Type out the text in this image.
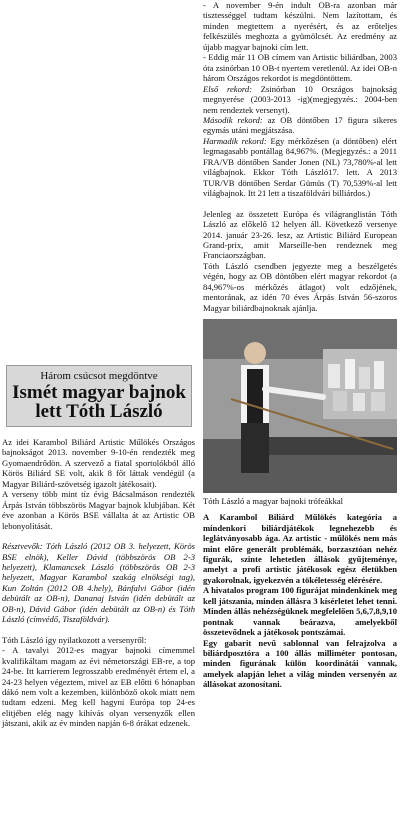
Három csúcsot megdöntve
Ismét magyar bajnok
lett Tóth László

Az idei Karambol Biliárd Artistic Műlökés Országos bajnokságot 2013. november 9-10-én rendezték meg Gyomaendrődön. A szervező a fiatal sportolókból álló Körös Biliárd SE volt, akik 8 főt láttak vendégül (a Magyar Biliárd-szövetség igazolt játékosait).

A verseny több mint tíz évig Bácsalmáson rendezték Árpás István többszörös Magyar bajnok klubjában. Két éve azonban a Körös BSE vállalta át az Artistic OB lebonyolítását.

Résztvevők: Tóth László (2012 OB 3. helyezett, Körös BSE elnök), Keller Dávid (többszörös OB 2-3 helyezett), Klamancsek László (többszörös OB 2-3 helyezett, Magyar Karambol szakág elnökségi tag), Kun Zoltán (2012 OB 4.hely), Bánfalvi Gábor (idén debütált az OB-n), Dananaj István (idén debütált az OB-n), Dávid Gábor (idén debütált az OB-n) és Tóth László (címvédő, Tiszaföldvár).

Tóth László így nyilatkozott a versenyről:

- A tavalyi 2012-es magyar bajnoki címemmel kvalifikáltam magam az évi németországi EB-re, a top 24-be. Itt karrierem legrosszabb eredményét értem el, a 24-23 helyen végeztem, mivel az EB előtti 6 hónapban dákó nem volt a kezemben, különböző okok miatt nem tudtam edzeni. Meg kell hagyni Európa top 24-es elitjében elég nagy kihívás olyan versenyzők ellen játszani, akik az év minden napján 6-8 órákat edzenek.

- A november 9-én indult OB-ra azonban már tisztességgel tudtam készülni. Nem lazítottam, és minden megtettem a nyerésért, és az erőteljes felkészülés meghozta a gyümölcsét. Az eredmény az újabb magyar bajnoki cím lett.

- Eddig már 11 OB címem van Artistic biliárdban, 2003 óta zsinórban 10 OB-t nyertem veretlenül. Az idei OB-n három Országos rekordot is megdöntöttem.

Első rekord: Zsinórban 10 Országos bajnokság megnyerése (2003-2013 -ig)(megjegyzés.: 2004-ben nem rendeztek versenyt).

Második rekord: az OB döntőben 17 figura sikeres egymás utáni megjátszása.

Harmadik rekord: Egy mérkőzésen (a döntőben) elért legmagasabb pontállag 84,967%. (Megjegyzés.: a 2011 FRA/VB döntőben Sander Jonen (NL) 73,780%-al lett világbajnok. Ekkor Tóth László17. lett. A 2013 TUR/VB döntőben Serdar Gümüs (T) 70,539%-al lett világbajnok. Itt 21 lett a tiszaföldvári billiárdos.)

Jelenleg az összetett Európa és világranglistán Tóth László az előkelő 12 helyen áll. Következő versenye 2014. január 23-26. lesz, az Artistic Biliárd European Grand-prix, amit Marseille-ben rendeznek meg Franciaországban.

Tóth László csendben jegyezte meg a beszélgetés végén, hogy az OB döntőben elért magyar rekordot (a 84,967%-os mérkőzés átlagot) volt edzőjének, mentorának, az idén 70 éves Árpás István 56-szoros Magyar biliárdbajnoknak ajánlja.

Tóth László a magyar bajnoki trófeákkal

A Karambol Biliárd Műlökés kategória a mindenkori biliárdjátékok legnehezebb és leglátványosabb ága. Az artistic - műlökés nem más mint előre generált problémák, borzasztóan nehéz figurák, szinte lehetetlen állások gyűjteménye, amelyt a profi artistic játékosok egész életükben gyakorolnak, igyekezvén a tökéletesség elérésére.

A hivatalos program 100 figurájat mindenkinek meg kell játszania, minden állásra 3 kísérletet lehet tenni. Minden állás nehézségüknek megfelelően 5,6,7,8,9,10 pontnak vannak beárazva, amelyekből összetevődnek a játékosok pontszámai.

Egy gabarit nevű sablonnal van felrajzolva a biliárdposztóra a 100 állás milliméter pontosan, minden figurának külön koordinátái vannak, amelyek alapján lehet a világ minden versenyén az állásokat azonosítani.
